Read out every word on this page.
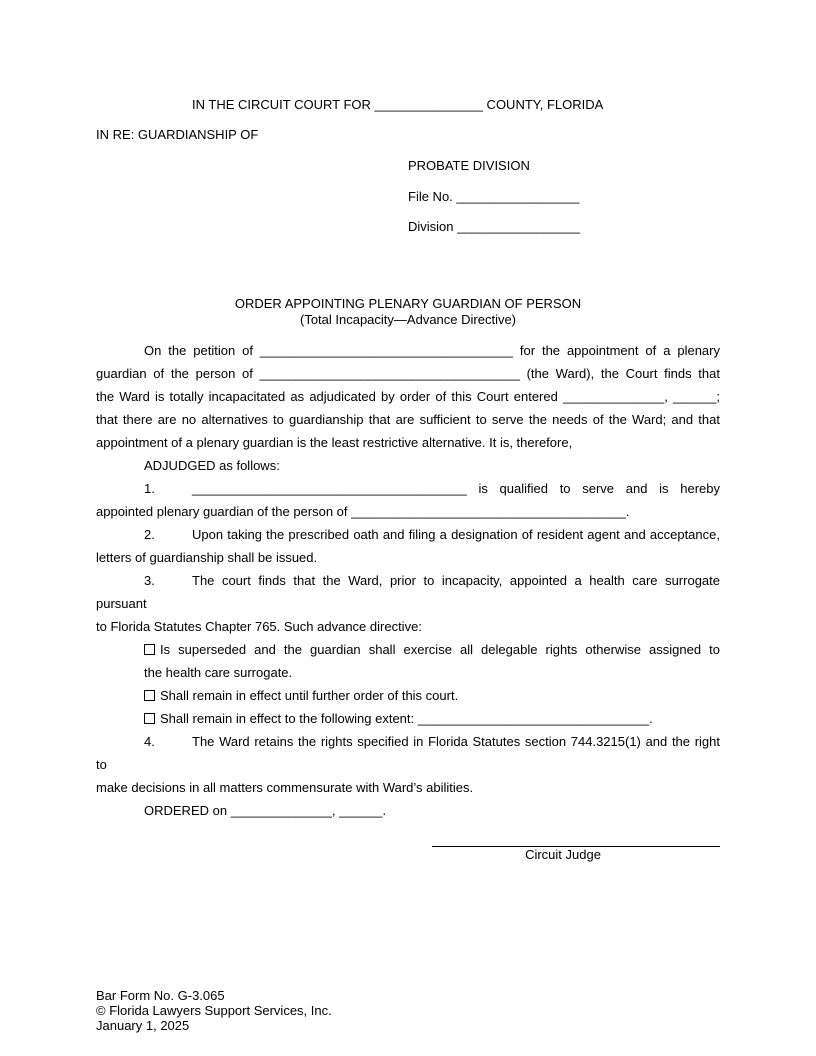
IN THE CIRCUIT COURT FOR _______________ COUNTY, FLORIDA
IN RE: GUARDIANSHIP OF
PROBATE DIVISION
File No. _________________
Division _________________
ORDER APPOINTING PLENARY GUARDIAN OF PERSON
(Total Incapacity—Advance Directive)
On the petition of ___________________________________ for the appointment of a plenary
guardian of the person of ____________________________________ (the Ward), the Court finds that
the Ward is totally incapacitated as adjudicated by order of this Court entered ______________, ______;
that there are no alternatives to guardianship that are sufficient to serve the needs of the Ward; and that
appointment of a plenary guardian is the least restrictive alternative. It is, therefore,
ADJUDGED as follows:
1.	______________________________________ is qualified to serve and is hereby
appointed plenary guardian of the person of ______________________________________.
2.	Upon taking the prescribed oath and filing a designation of resident agent and acceptance,
letters of guardianship shall be issued.
3.	The court finds that the Ward, prior to incapacity, appointed a health care surrogate pursuant
to Florida Statutes Chapter 765. Such advance directive:
Is superseded and the guardian shall exercise all delegable rights otherwise assigned to
the health care surrogate.
Shall remain in effect until further order of this court.
Shall remain in effect to the following extent: ________________________________.
4.	The Ward retains the rights specified in Florida Statutes section 744.3215(1) and the right to
make decisions in all matters commensurate with Ward’s abilities.
ORDERED on ______________, ______.
Circuit Judge
Bar Form No. G-3.065
© Florida Lawyers Support Services, Inc.
January 1, 2025
